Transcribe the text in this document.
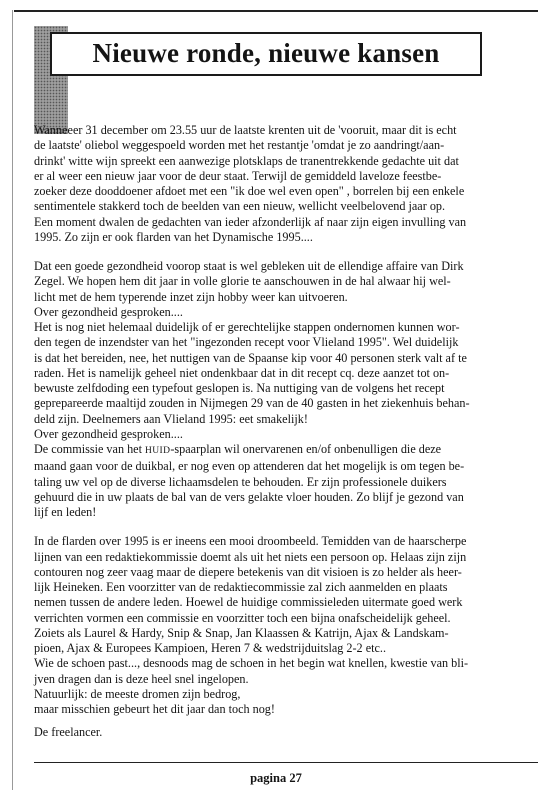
Nieuwe ronde, nieuwe kansen

Wanneeer 31 december om 23.55 uur de laatste krenten uit de 'vooruit, maar dit is echt
de laatste' oliebol weggespoeld worden met het restantje 'omdat je zo aandringt/aan-
drinkt' witte wijn spreekt een aanwezige plotsklaps de tranentrekkende gedachte uit dat
er al weer een nieuw jaar voor de deur staat. Terwijl de gemiddeld laveloze feestbe-
zoeker deze dooddoener afdoet met een "ik doe wel even open" , borrelen bij een enkele
sentimentele stakkerd toch de beelden van een nieuw, wellicht veelbelovend jaar op.
Een moment dwalen de gedachten van ieder afzonderlijk af naar zijn eigen invulling van
1995. Zo zijn er ook flarden van het Dynamische 1995....

Dat een goede gezondheid voorop staat is wel gebleken uit de ellendige affaire van Dirk
Zegel. We hopen hem dit jaar in volle glorie te aanschouwen in de hal alwaar hij wel-
licht met de hem typerende inzet zijn hobby weer kan uitvoeren.
Over gezondheid gesproken....
Het is nog niet helemaal duidelijk of er gerechtelijke stappen ondernomen kunnen wor-
den tegen de inzendster van het "ingezonden recept voor Vlieland 1995". Wel duidelijk
is dat het bereiden, nee, het nuttigen van de Spaanse kip voor 40 personen sterk valt af te
raden. Het is namelijk geheel niet ondenkbaar dat in dit recept cq. deze aanzet tot on-
bewuste zelfdoding een typefout geslopen is. Na nuttiging van de volgens het recept
geprepareerde maaltijd zouden in Nijmegen 29 van de 40 gasten in het ziekenhuis behan-
deld zijn. Deelnemers aan Vlieland 1995: eet smakelijk!
Over gezondheid gesproken....

De commissie van het HUID-spaarplan wil onervarenen en/of onbenulligen die deze
maand gaan voor de duikbal, er nog even op attenderen dat het mogelijk is om tegen be-
taling uw vel op de diverse lichaamsdelen te behouden. Er zijn professionele duikers
gehuurd die in uw plaats de bal van de vers gelakte vloer houden. Zo blijf je gezond van
lijf en leden!

In de flarden over 1995 is er ineens een mooi droombeeld. Temidden van de haarscherpe
lijnen van een redaktiekommissie doemt als uit het niets een persoon op. Helaas zijn zijn
contouren nog zeer vaag maar de diepere betekenis van dit visioen is zo helder als heer-
lijk Heineken. Een voorzitter van de redaktiecommissie zal zich aanmelden en plaats
nemen tussen de andere leden. Hoewel de huidige commissieleden uitermate goed werk
verrichten vormen een commissie en voorzitter toch een bijna onafscheidelijk geheel.
Zoiets als Laurel & Hardy, Snip & Snap, Jan Klaassen & Katrijn, Ajax & Landskam-
pioen, Ajax & Europees Kampioen, Heren 7 & wedstrijduitslag 2-2 etc..
Wie de schoen past..., desnoods mag de schoen in het begin wat knellen, kwestie van bli-
jven dragen dan is deze heel snel ingelopen.
Natuurlijk: de meeste dromen zijn bedrog,
maar misschien gebeurt het dit jaar dan toch nog!

De freelancer.

pagina 27
